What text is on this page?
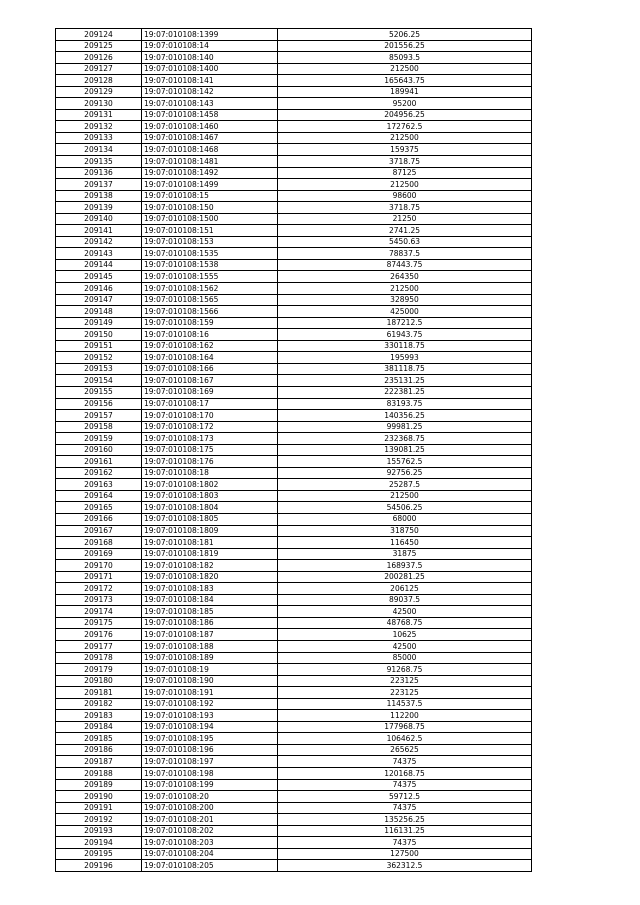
209124	19:07:010108:1399	5206.25
209125	19:07:010108:14	201556.25
209126	19:07:010108:140	85093.5
209127	19:07:010108:1400	212500
209128	19:07:010108:141	165643.75
209129	19:07:010108:142	189941
209130	19:07:010108:143	95200
209131	19:07:010108:1458	204956.25
209132	19:07:010108:1460	172762.5
209133	19:07:010108:1467	212500
209134	19:07:010108:1468	159375
209135	19:07:010108:1481	3718.75
209136	19:07:010108:1492	87125
209137	19:07:010108:1499	212500
209138	19:07:010108:15	98600
209139	19:07:010108:150	3718.75
209140	19:07:010108:1500	21250
209141	19:07:010108:151	2741.25
209142	19:07:010108:153	5450.63
209143	19:07:010108:1535	78837.5
209144	19:07:010108:1538	87443.75
209145	19:07:010108:1555	264350
209146	19:07:010108:1562	212500
209147	19:07:010108:1565	328950
209148	19:07:010108:1566	425000
209149	19:07:010108:159	187212.5
209150	19:07:010108:16	61943.75
209151	19:07:010108:162	330118.75
209152	19:07:010108:164	195993
209153	19:07:010108:166	381118.75
209154	19:07:010108:167	235131.25
209155	19:07:010108:169	222381.25
209156	19:07:010108:17	83193.75
209157	19:07:010108:170	140356.25
209158	19:07:010108:172	99981.25
209159	19:07:010108:173	232368.75
209160	19:07:010108:175	139081.25
209161	19:07:010108:176	155762.5
209162	19:07:010108:18	92756.25
209163	19:07:010108:1802	25287.5
209164	19:07:010108:1803	212500
209165	19:07:010108:1804	54506.25
209166	19:07:010108:1805	68000
209167	19:07:010108:1809	318750
209168	19:07:010108:181	116450
209169	19:07:010108:1819	31875
209170	19:07:010108:182	168937.5
209171	19:07:010108:1820	200281.25
209172	19:07:010108:183	206125
209173	19:07:010108:184	89037.5
209174	19:07:010108:185	42500
209175	19:07:010108:186	48768.75
209176	19:07:010108:187	10625
209177	19:07:010108:188	42500
209178	19:07:010108:189	85000
209179	19:07:010108:19	91268.75
209180	19:07:010108:190	223125
209181	19:07:010108:191	223125
209182	19:07:010108:192	114537.5
209183	19:07:010108:193	112200
209184	19:07:010108:194	177968.75
209185	19:07:010108:195	106462.5
209186	19:07:010108:196	265625
209187	19:07:010108:197	74375
209188	19:07:010108:198	120168.75
209189	19:07:010108:199	74375
209190	19:07:010108:20	59712.5
209191	19:07:010108:200	74375
209192	19:07:010108:201	135256.25
209193	19:07:010108:202	116131.25
209194	19:07:010108:203	74375
209195	19:07:010108:204	127500
209196	19:07:010108:205	362312.5
